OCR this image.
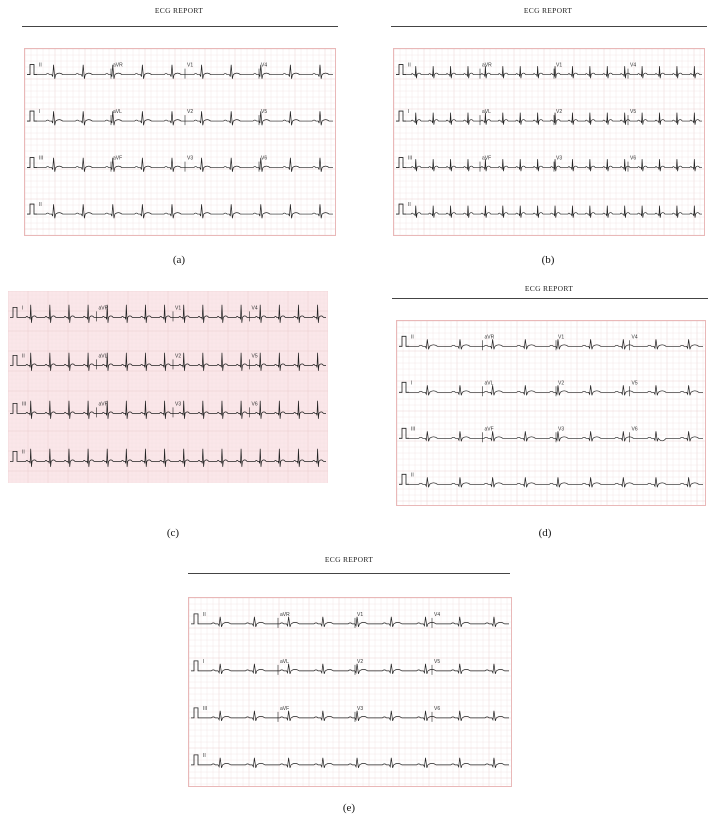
ECG REPORT
II	aVR	V1	V4
I	aVL	V2	V5
III	aVF	V3	V6
II
(a)
ECG REPORT
II	aVR	V1	V4
I	aVL	V2	V5
III	aVF	V3	V6
II
(b)
I	aVR	V1	V4
II	aVL	V2	V5
III	aVF	V3	V6
II
(c)
ECG REPORT
II	aVR	V1	V4
I	aVL	V2	V5
III	aVF	V3	V6
II
(d)
ECG REPORT
II	aVR	V1	V4
I	aVL	V2	V5
III	aVF	V3	V6
II
(e)
